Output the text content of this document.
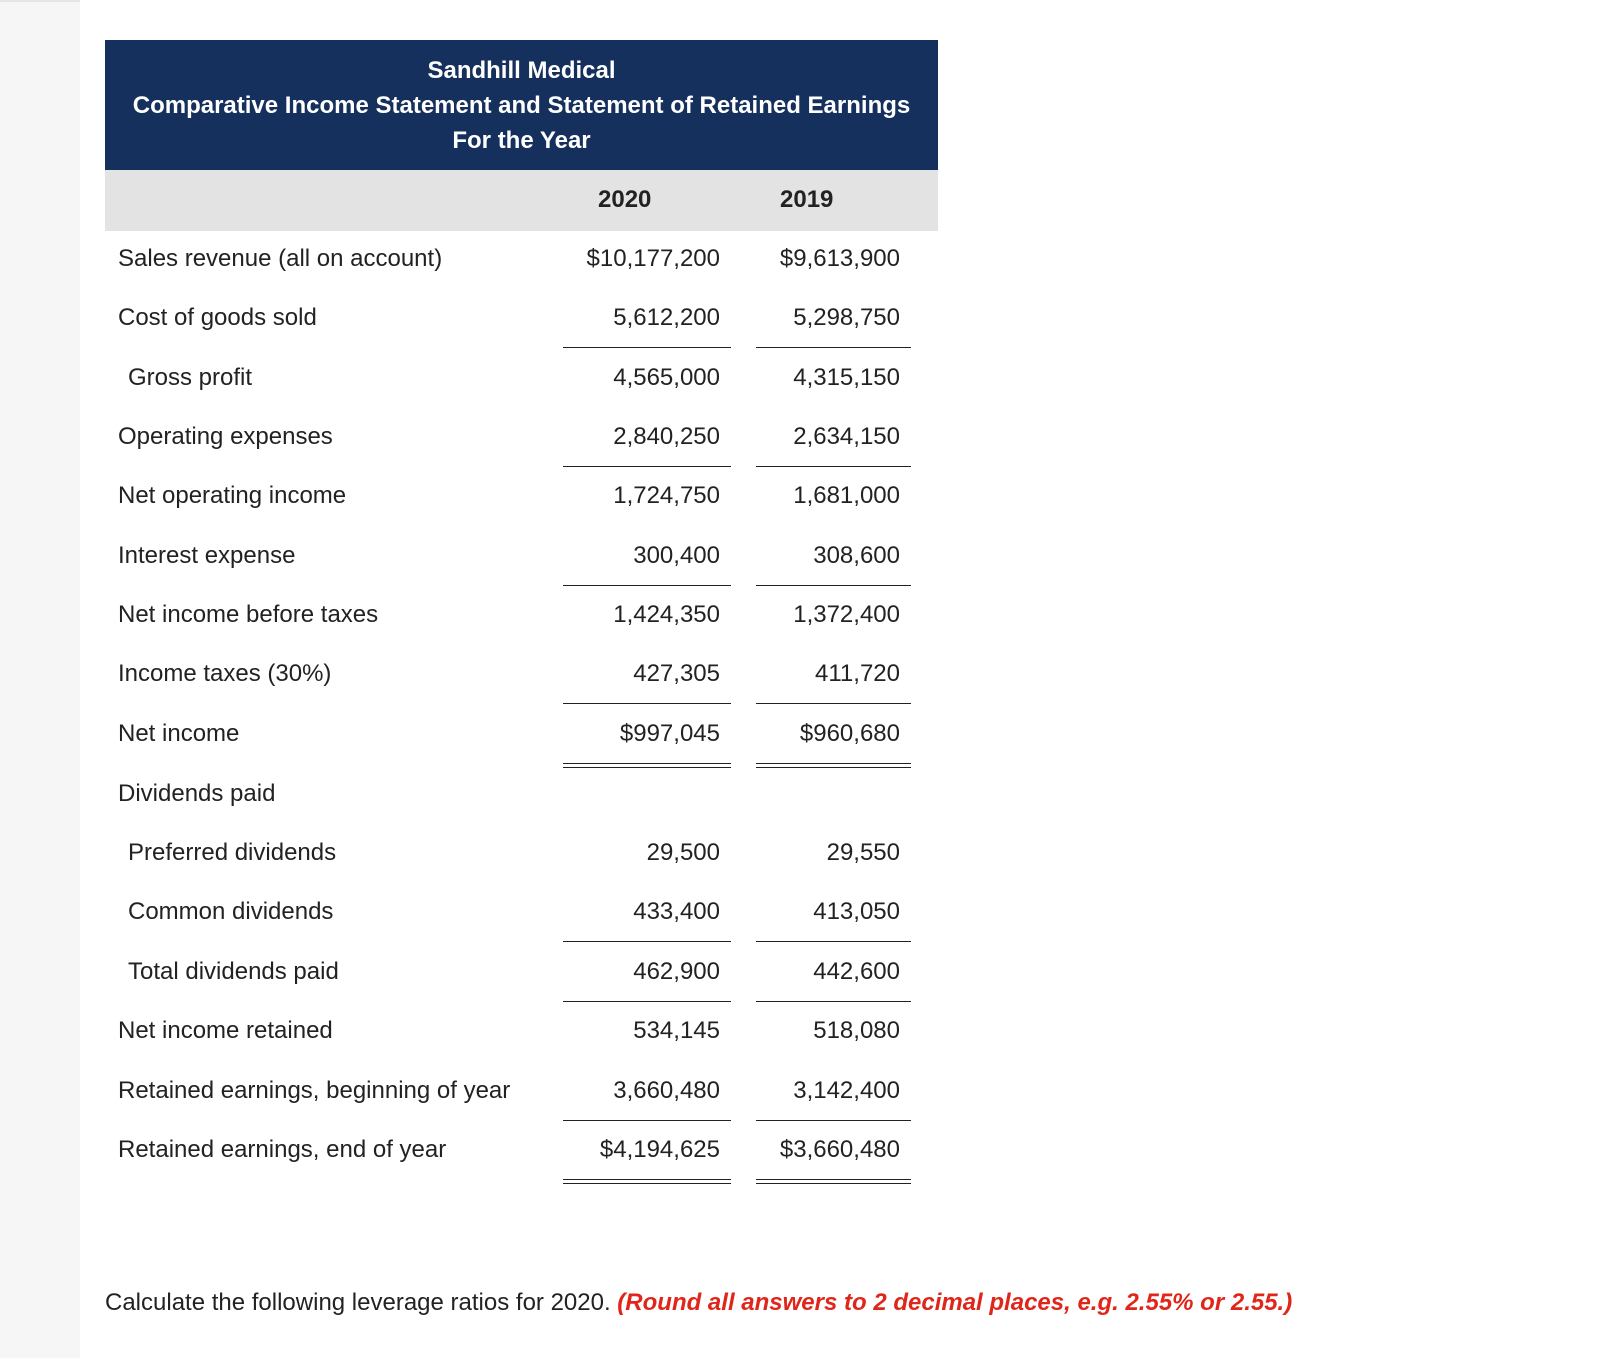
Sandhill Medical
Comparative Income Statement and Statement of Retained Earnings
For the Year
2020	2019
Sales revenue (all on account)	$10,177,200 $9,613,900
Cost of goods sold	5,612,200	5,298,750
Gross profit	4,565,000	4,315,150
Operating expenses	2,840,250	2,634,150
Net operating income	1,724,750	1,681,000
Interest expense	300,400	308,600
Net income before taxes	1,424,350	1,372,400
Income taxes (30%)	427,305	411,720
Net income	$997,045	$960,680
Dividends paid
Preferred dividends	29,500	29,550
Common dividends	433,400	413,050
Total dividends paid	462,900	442,600
Net income retained	534,145	518,080
Retained earnings, beginning of year	3,660,480	3,142,400
Retained earnings, end of year	$4,194,625 $3,660,480
Calculate the following leverage ratios for 2020. (Round all answers to 2 decimal places, e.g. 2.55% or 2.55.)
